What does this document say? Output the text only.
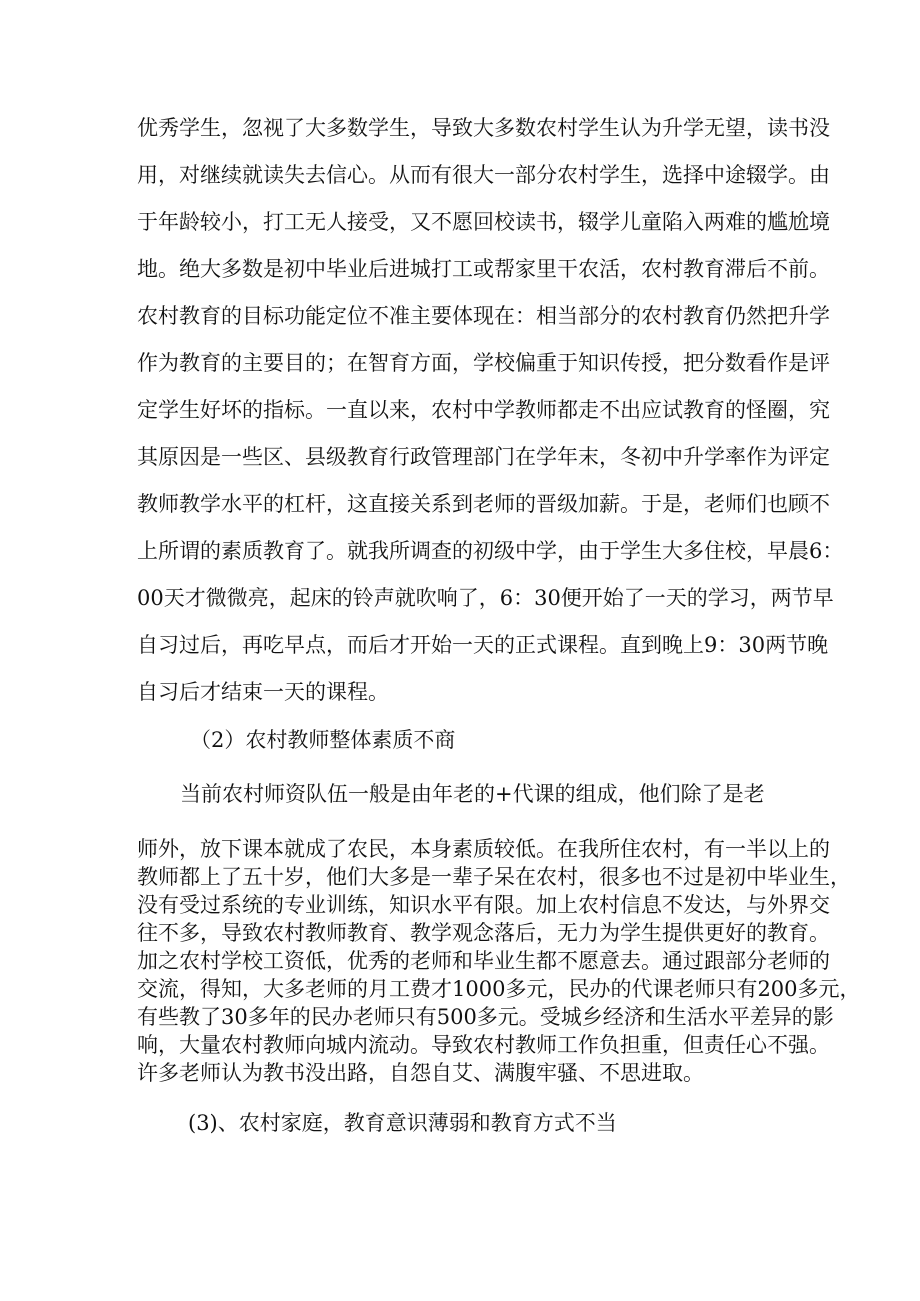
优秀学生，忽视了大多数学生，导致大多数农村学生认为升学无望，读书没

用，对继续就读失去信心。从而有很大一部分农村学生，选择中途辍学。由

于年龄较小，打工无人接受，又不愿回校读书，辍学儿童陷入两难的尴尬境

地。绝大多数是初中毕业后进城打工或帮家里干农活，农村教育滞后不前。

农村教育的目标功能定位不准主要体现在：相当部分的农村教育仍然把升学

作为教育的主要目的；在智育方面，学校偏重于知识传授，把分数看作是评

定学生好坏的指标。一直以来，农村中学教师都走不出应试教育的怪圈，究

其原因是一些区、县级教育行政管理部门在学年末，冬初中升学率作为评定

教师教学水平的杠杆，这直接关系到老师的晋级加薪。于是，老师们也顾不

上所谓的素质教育了。就我所调查的初级中学，由于学生大多住校，早晨6：

00天才微微亮，起床的铃声就吹响了，6：30便开始了一天的学习，两节早

自习过后，再吃早点，而后才开始一天的正式课程。直到晚上9：30两节晚

自习后才结束一天的课程。

（2）农村教师整体素质不商

当前农村师资队伍一般是由年老的+代课的组成，他们除了是老

师外，放下课本就成了农民，本身素质较低。在我所住农村，有一半以上的
教师都上了五十岁，他们大多是一辈子呆在农村，很多也不过是初中毕业生，
没有受过系统的专业训练，知识水平有限。加上农村信息不发达，与外界交
往不多，导致农村教师教育、教学观念落后，无力为学生提供更好的教育。
加之农村学校工资低，优秀的老师和毕业生都不愿意去。通过跟部分老师的
交流，得知，大多老师的月工费才1000多元，民办的代课老师只有200多元，
有些教了30多年的民办老师只有500多元。受城乡经济和生活水平差异的影
响，大量农村教师向城内流动。导致农村教师工作负担重，但责任心不强。
许多老师认为教书没出路，自怨自艾、满腹牢骚、不思进取。

(3)、农村家庭，教育意识薄弱和教育方式不当
